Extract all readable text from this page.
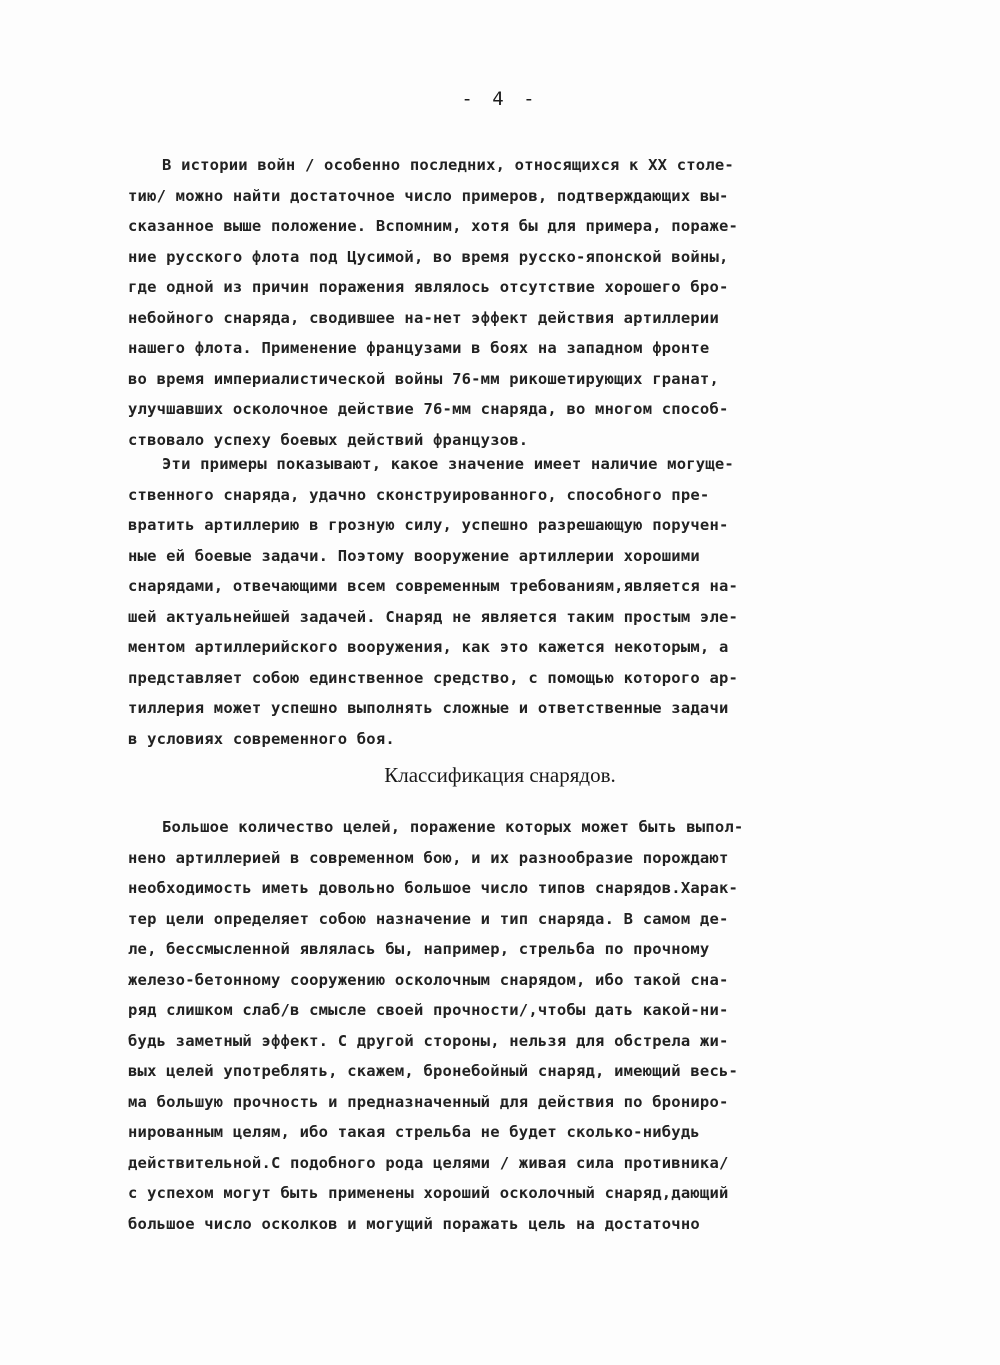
- 4 -
В истории войн / особенно последних, относящихся к XX столе-
тию/ можно найти достаточное число примеров, подтверждающих вы-
сказанное выше положение. Вспомним, хотя бы для примера, пораже-
ние русского флота под Цусимой, во время русско-японской войны,
где одной из причин поражения являлось отсутствие хорошего бро-
небойного снаряда, сводившее на-нет эффект действия артиллерии
нашего флота. Применение французами в боях на западном фронте
во время империалистической войны 76-мм рикошетирующих гранат,
улучшавших осколочное действие 76-мм снаряда, во многом способ-
ствовало успеху боевых действий французов.
Эти примеры показывают, какое значение имеет наличие могуще-
ственного снаряда, удачно сконструированного, способного пре-
вратить артиллерию в грозную силу, успешно разрешающую поручен-
ные ей боевые задачи. Поэтому вооружение артиллерии хорошими
снарядами, отвечающими всем современным требованиям,является на-
шей актуальнейшей задачей. Снаряд не является таким простым эле-
ментом артиллерийского вооружения, как это кажется некоторым, а
представляет собою единственное средство, с помощью которого ар-
тиллерия может успешно выполнять сложные и ответственные задачи
в условиях современного боя.
Классификация снарядов.
Большое количество целей, поражение которых может быть выпол-
нено артиллерией в современном бою, и их разнообразие порождают
необходимость иметь довольно большое число типов снарядов.Харак-
тер цели определяет собою назначение и тип снаряда. В самом де-
ле, бессмысленной являлась бы, например, стрельба по прочному
железо-бетонному сооружению осколочным снарядом, ибо такой сна-
ряд слишком слаб/в смысле своей прочности/,чтобы дать какой-ни-
будь заметный эффект. С другой стороны, нельзя для обстрела жи-
вых целей употреблять, скажем, бронебойный снаряд, имеющий весь-
ма большую прочность и предназначенный для действия по брониро-
нированным целям, ибо такая стрельба не будет сколько-нибудь
действительной.С подобного рода целями / живая сила противника/
с успехом могут быть применены хороший осколочный снаряд,дающий
большое число осколков и могущий поражать цель на достаточно
